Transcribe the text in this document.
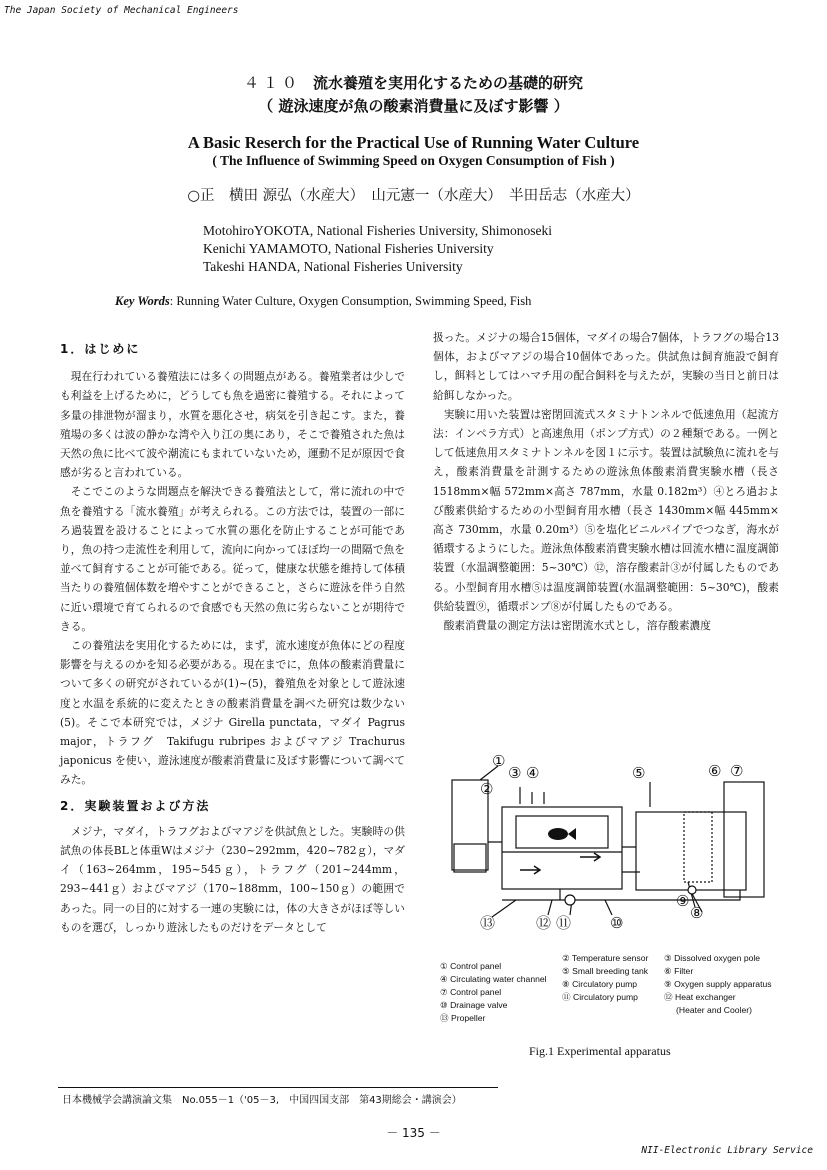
The Japan Society of Mechanical Engineers
NII-Electronic Library Service
４１０ 流水養殖を実用化するための基礎的研究
（ 遊泳速度が魚の酸素消費量に及ぼす影響 ）
A Basic Reserch for the Practical Use of Running Water Culture
( The Influence of Swimming Speed on Oxygen Consumption of Fish )
○正　横田 源弘（水産大）　山元憲一（水産大）　半田岳志（水産大）
MotohiroYOKOTA, National Fisheries University, Shimonoseki
Kenichi YAMAMOTO, National Fisheries University
Takeshi HANDA, National Fisheries University
Key Words: Running Water Culture, Oxygen Consumption, Swimming Speed, Fish

1．はじめに

現在行われている養殖法には多くの問題点がある。養殖業者は少しでも利益を上げるために，どうしても魚を過密に養殖する。それによって多量の排泄物が溜まり，水質を悪化させ，病気を引き起こす。また，養殖場の多くは波の静かな湾や入り江の奥にあり，そこで養殖された魚は天然の魚に比べて波や潮流にもまれていないため，運動不足が原因で食感が劣ると言われている。

そこでこのような問題点を解決できる養殖法として，常に流れの中で魚を養殖する「流水養殖」が考えられる。この方法では，装置の一部にろ過装置を設けることによって水質の悪化を防止することが可能であり，魚の持つ走流性を利用して，流向に向かってほぼ均一の間隔で魚を並べて飼育することが可能である。従って，健康な状態を維持して体積当たりの養殖個体数を増やすことができること，さらに遊泳を伴う自然に近い環境で育てられるので食感でも天然の魚に劣らないことが期待できる。

この養殖法を実用化するためには，まず，流水速度が魚体にどの程度影響を与えるのかを知る必要がある。現在までに，魚体の酸素消費量について多くの研究がされているが(1)~(5)，養殖魚を対象として遊泳速度と水温を系統的に変えたときの酸素消費量を調べた研究は数少ない(5)。そこで本研究では，メジナ Girella punctata，マダイ Pagrus major，トラフグ　Takifugu rubripes およびマアジ Trachurus japonicus を使い，遊泳速度が酸素消費量に及ぼす影響について調べてみた。

2．実験装置および方法

メジナ，マダイ，トラフグおよびマアジを供試魚とした。実験時の供試魚の体長BLと体重Wはメジナ（230~292mm，420~782ｇ），マダイ（163~264mm，195~545ｇ），トラフグ（201~244mm，293~441ｇ）およびマアジ（170~188mm，100~150ｇ）の範囲であった。同一の目的に対する一連の実験には，体の大きさがほぼ等しいものを選び，しっかり遊泳したものだけをデータとして

扱った。メジナの場合15個体，マダイの場合7個体，トラフグの場合13個体，およびマアジの場合10個体であった。供試魚は飼育施設で飼育し，餌料としてはハマチ用の配合飼料を与えたが，実験の当日と前日は給餌しなかった。

実験に用いた装置は密閉回流式スタミナトンネルで低速魚用（起流方法：インペラ方式）と高速魚用（ポンプ方式）の２種類である。一例として低速魚用スタミナトンネルを図１に示す。装置は試験魚に流れを与え，酸素消費量を計測するための遊泳魚体酸素消費実験水槽（長さ 1518mm×幅 572mm×高さ 787mm，水量 0.182m³）④とろ過および酸素供給するための小型飼育用水槽（長さ 1430mm×幅 445mm×高さ 730mm，水量 0.20m³）⑤を塩化ビニルパイプでつなぎ，海水が循環するようにした。遊泳魚体酸素消費実験水槽は回流水槽に温度調節装置（水温調整範囲：5~30℃）⑫，溶存酸素計③が付属したものである。小型飼育用水槽⑤は温度調節装置(水温調整範囲：5~30℃)，酸素供給装置⑨，循環ポンプ⑧が付属したものである。

酸素消費量の測定方法は密閉流水式とし，溶存酸素濃度

①
②
③ ④	⑤	⑥ ⑦
⑧
⑨
⑩
⑪
⑫
⑬
① Control panel
④ Circulating water channel
⑦ Control panel
⑩ Drainage valve
⑬ Propeller
② Temperature sensor
⑤ Small breeding tank
⑧ Circulatory pump
⑪ Circulatory pump
③ Dissolved oxygen pole
⑥ Filter
⑨ Oxygen supply apparatus
⑫ Heat exchanger
(Heater and Cooler)
Fig.1 Experimental apparatus
日本機械学会講演論文集　No.055－1（'05－3,　中国四国支部　第43期総会・講演会）
－ 135 －
